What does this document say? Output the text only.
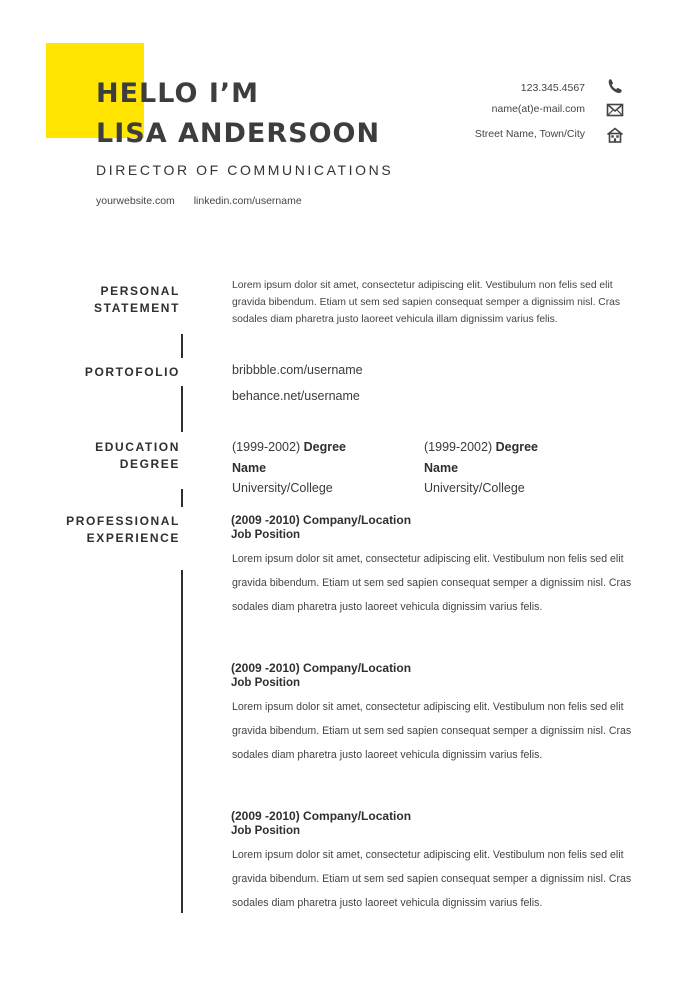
HELLO I’M
LISA ANDERSOON
DIRECTOR OF COMMUNICATIONS
yourwebsite.com linkedin.com/username
123.345.4567
name(at)e-mail.com
Street Name, Town/City
PERSONAL
STATEMENT
Lorem ipsum dolor sit amet, consectetur adipiscing elit. Vestibulum non felis sed elit gravida bibendum. Etiam ut sem sed sapien consequat semper a dignissim nisl. Cras sodales diam pharetra justo laoreet vehicula illam dignissim varius felis.
PORTOFOLIO	bribbble.com/username
behance.net/username
EDUCATION
DEGREE
(1999-2002) Degree
Name
University/College
(1999-2002) Degree
Name
University/College
PROFESSIONAL
EXPERIENCE
(2009 -2010) Company/Location
Job Position
Lorem ipsum dolor sit amet, consectetur adipiscing elit. Vestibulum non felis sed elit gravida bibendum. Etiam ut sem sed sapien consequat semper a dignissim nisl. Cras sodales diam pharetra justo laoreet vehicula dignissim varius felis.
(2009 -2010) Company/Location
Job Position
Lorem ipsum dolor sit amet, consectetur adipiscing elit. Vestibulum non felis sed elit gravida bibendum. Etiam ut sem sed sapien consequat semper a dignissim nisl. Cras sodales diam pharetra justo laoreet vehicula dignissim varius felis.
(2009 -2010) Company/Location
Job Position
Lorem ipsum dolor sit amet, consectetur adipiscing elit. Vestibulum non felis sed elit gravida bibendum. Etiam ut sem sed sapien consequat semper a dignissim nisl. Cras sodales diam pharetra justo laoreet vehicula dignissim varius felis.
